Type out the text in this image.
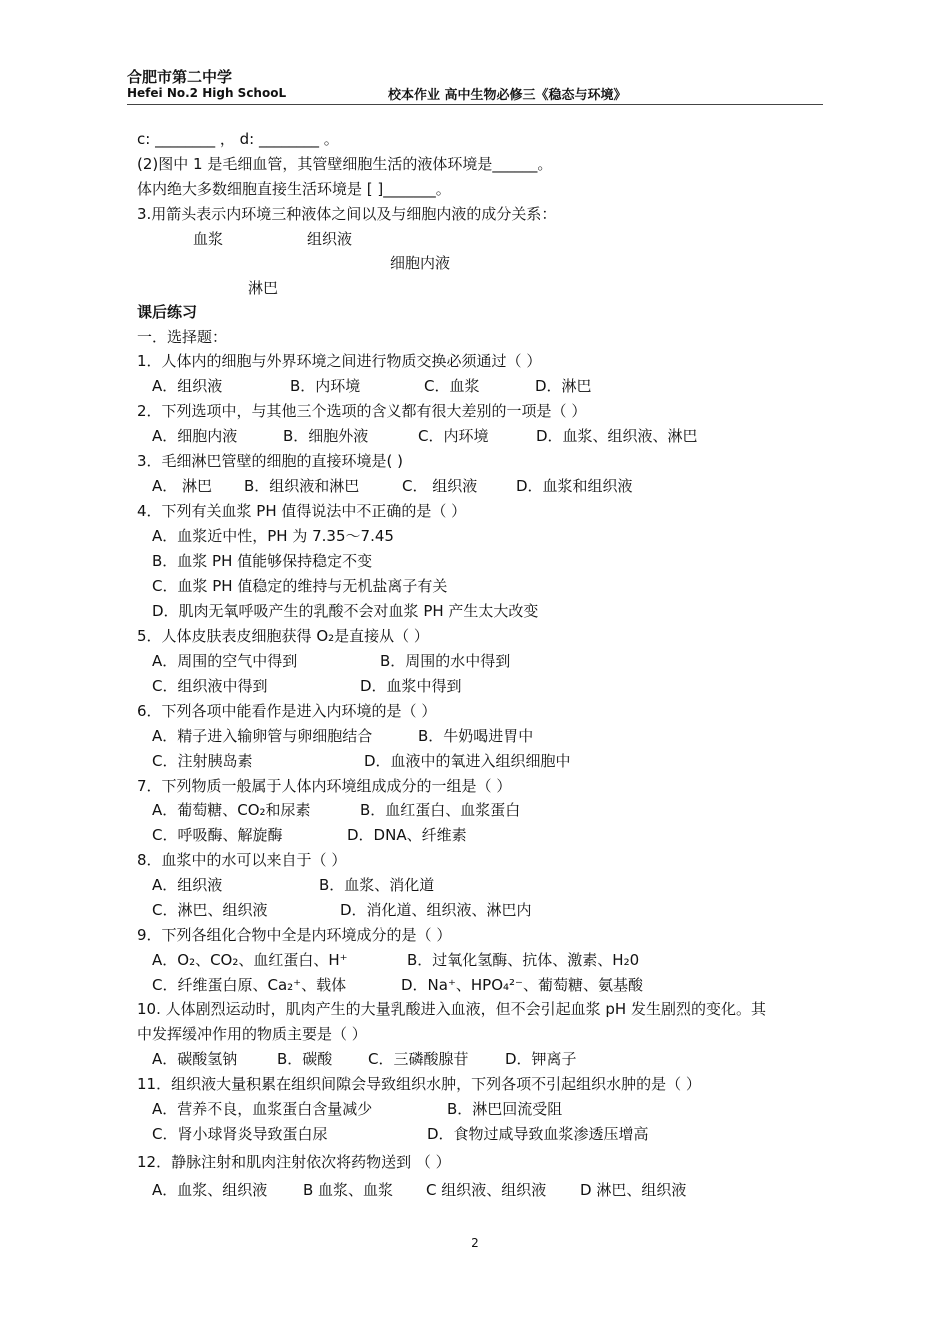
合肥市第二中学
Hefei No.2 High SchooL	校本作业 高中生物必修三《稳态与环境》
c: ________ ， d: ________ 。
(2)图中 1 是毛细血管，其管壁细胞生活的液体环境是______。
体内绝大多数细胞直接生活环境是 [ ]_______。
3.用箭头表示内环境三种液体之间以及与细胞内液的成分关系：
血浆	组织液
细胞内液
淋巴
课后练习
一．选择题：
1．人体内的细胞与外界环境之间进行物质交换必须通过（ ）
A．组织液	B．内环境	C．血浆	D．淋巴
2．下列选项中，与其他三个选项的含义都有很大差别的一项是（ ）
A．细胞内液	B．细胞外液	C．内环境	D．血浆、组织液、淋巴
3．毛细淋巴管壁的细胞的直接环境是( )
A． 淋巴 B．组织液和淋巴	C． 组织液	D．血浆和组织液
4．下列有关血浆 PH 值得说法中不正确的是（ ）
A．血浆近中性，PH 为 7.35～7.45
B．血浆 PH 值能够保持稳定不变
C．血浆 PH 值稳定的维持与无机盐离子有关
D．肌肉无氧呼吸产生的乳酸不会对血浆 PH 产生太大改变
5．人体皮肤表皮细胞获得 O₂是直接从（ ）
A．周围的空气中得到	B．周围的水中得到
C．组织液中得到	D．血浆中得到
6．下列各项中能看作是进入内环境的是（ ）
A．精子进入输卵管与卵细胞结合	B．牛奶喝进胃中
C．注射胰岛素	D．血液中的氧进入组织细胞中
7．下列物质一般属于人体内环境组成成分的一组是（ ）
A．葡萄糖、CO₂和尿素	B．血红蛋白、血浆蛋白
C．呼吸酶、解旋酶	D．DNA、纤维素
8．血浆中的水可以来自于（ ）
A．组织液	B．血浆、消化道
C．淋巴、组织液	D．消化道、组织液、淋巴内
9．下列各组化合物中全是内环境成分的是（ ）
A．O₂、CO₂、血红蛋白、H⁺	B．过氧化氢酶、抗体、激素、H₂0
C．纤维蛋白原、Ca₂⁺、载体	D．Na⁺、HPO₄²⁻、葡萄糖、氨基酸
10. 人体剧烈运动时，肌肉产生的大量乳酸进入血液，但不会引起血浆 pH 发生剧烈的变化。其
中发挥缓冲作用的物质主要是（ ）
A．碳酸氢钠	B．碳酸 C．三磷酸腺苷 D．钾离子
11．组织液大量积累在组织间隙会导致组织水肿，下列各项不引起组织水肿的是（ ）
A．营养不良，血浆蛋白含量减少	B．淋巴回流受阻
C．肾小球肾炎导致蛋白尿	D．食物过咸导致血浆渗透压增高
12．静脉注射和肌肉注射依次将药物送到 （ ）
A．血浆、组织液 B 血浆、血浆 C 组织液、组织液 D 淋巴、组织液
2
